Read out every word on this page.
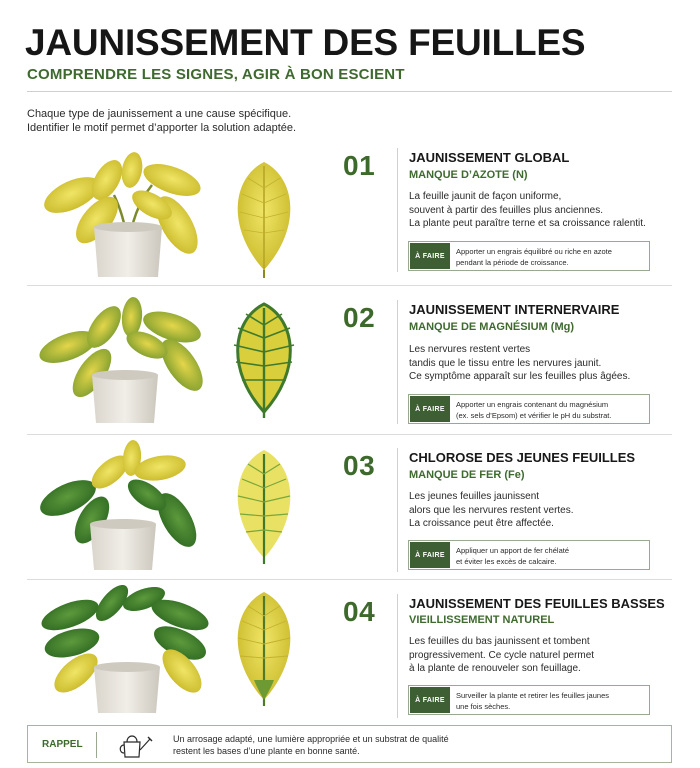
JAUNISSEMENT DES FEUILLES
COMPRENDRE LES SIGNES, AGIR À BON ESCIENT
Chaque type de jaunissement a une cause spécifique.
Identifier le motif permet d’apporter la solution adaptée.
01	JAUNISSEMENT GLOBAL
MANQUE D’AZOTE (N)
La feuille jaunit de façon uniforme,
souvent à partir des feuilles plus anciennes.
La plante peut paraître terne et sa croissance ralentit.
À FAIRE	Apporter un engrais équilibré ou riche en azote
pendant la période de croissance.
02	JAUNISSEMENT INTERNERVAIRE
MANQUE DE MAGNÉSIUM (Mg)
Les nervures restent vertes
tandis que le tissu entre les nervures jaunit.
Ce symptôme apparaît sur les feuilles plus âgées.
À FAIRE	Apporter un engrais contenant du magnésium
(ex. sels d’Epsom) et vérifier le pH du substrat.
03	CHLOROSE DES JEUNES FEUILLES
MANQUE DE FER (Fe)
Les jeunes feuilles jaunissent
alors que les nervures restent vertes.
La croissance peut être affectée.
À FAIRE	Appliquer un apport de fer chélaté
et éviter les excès de calcaire.
04	JAUNISSEMENT DES FEUILLES BASSES
VIEILLISSEMENT NATUREL
Les feuilles du bas jaunissent et tombent
progressivement. Ce cycle naturel permet
à la plante de renouveler son feuillage.
À FAIRE	Surveiller la plante et retirer les feuilles jaunes
une fois sèches.
RAPPEL	Un arrosage adapté, une lumière appropriée et un substrat de qualité
restent les bases d’une plante en bonne santé.
